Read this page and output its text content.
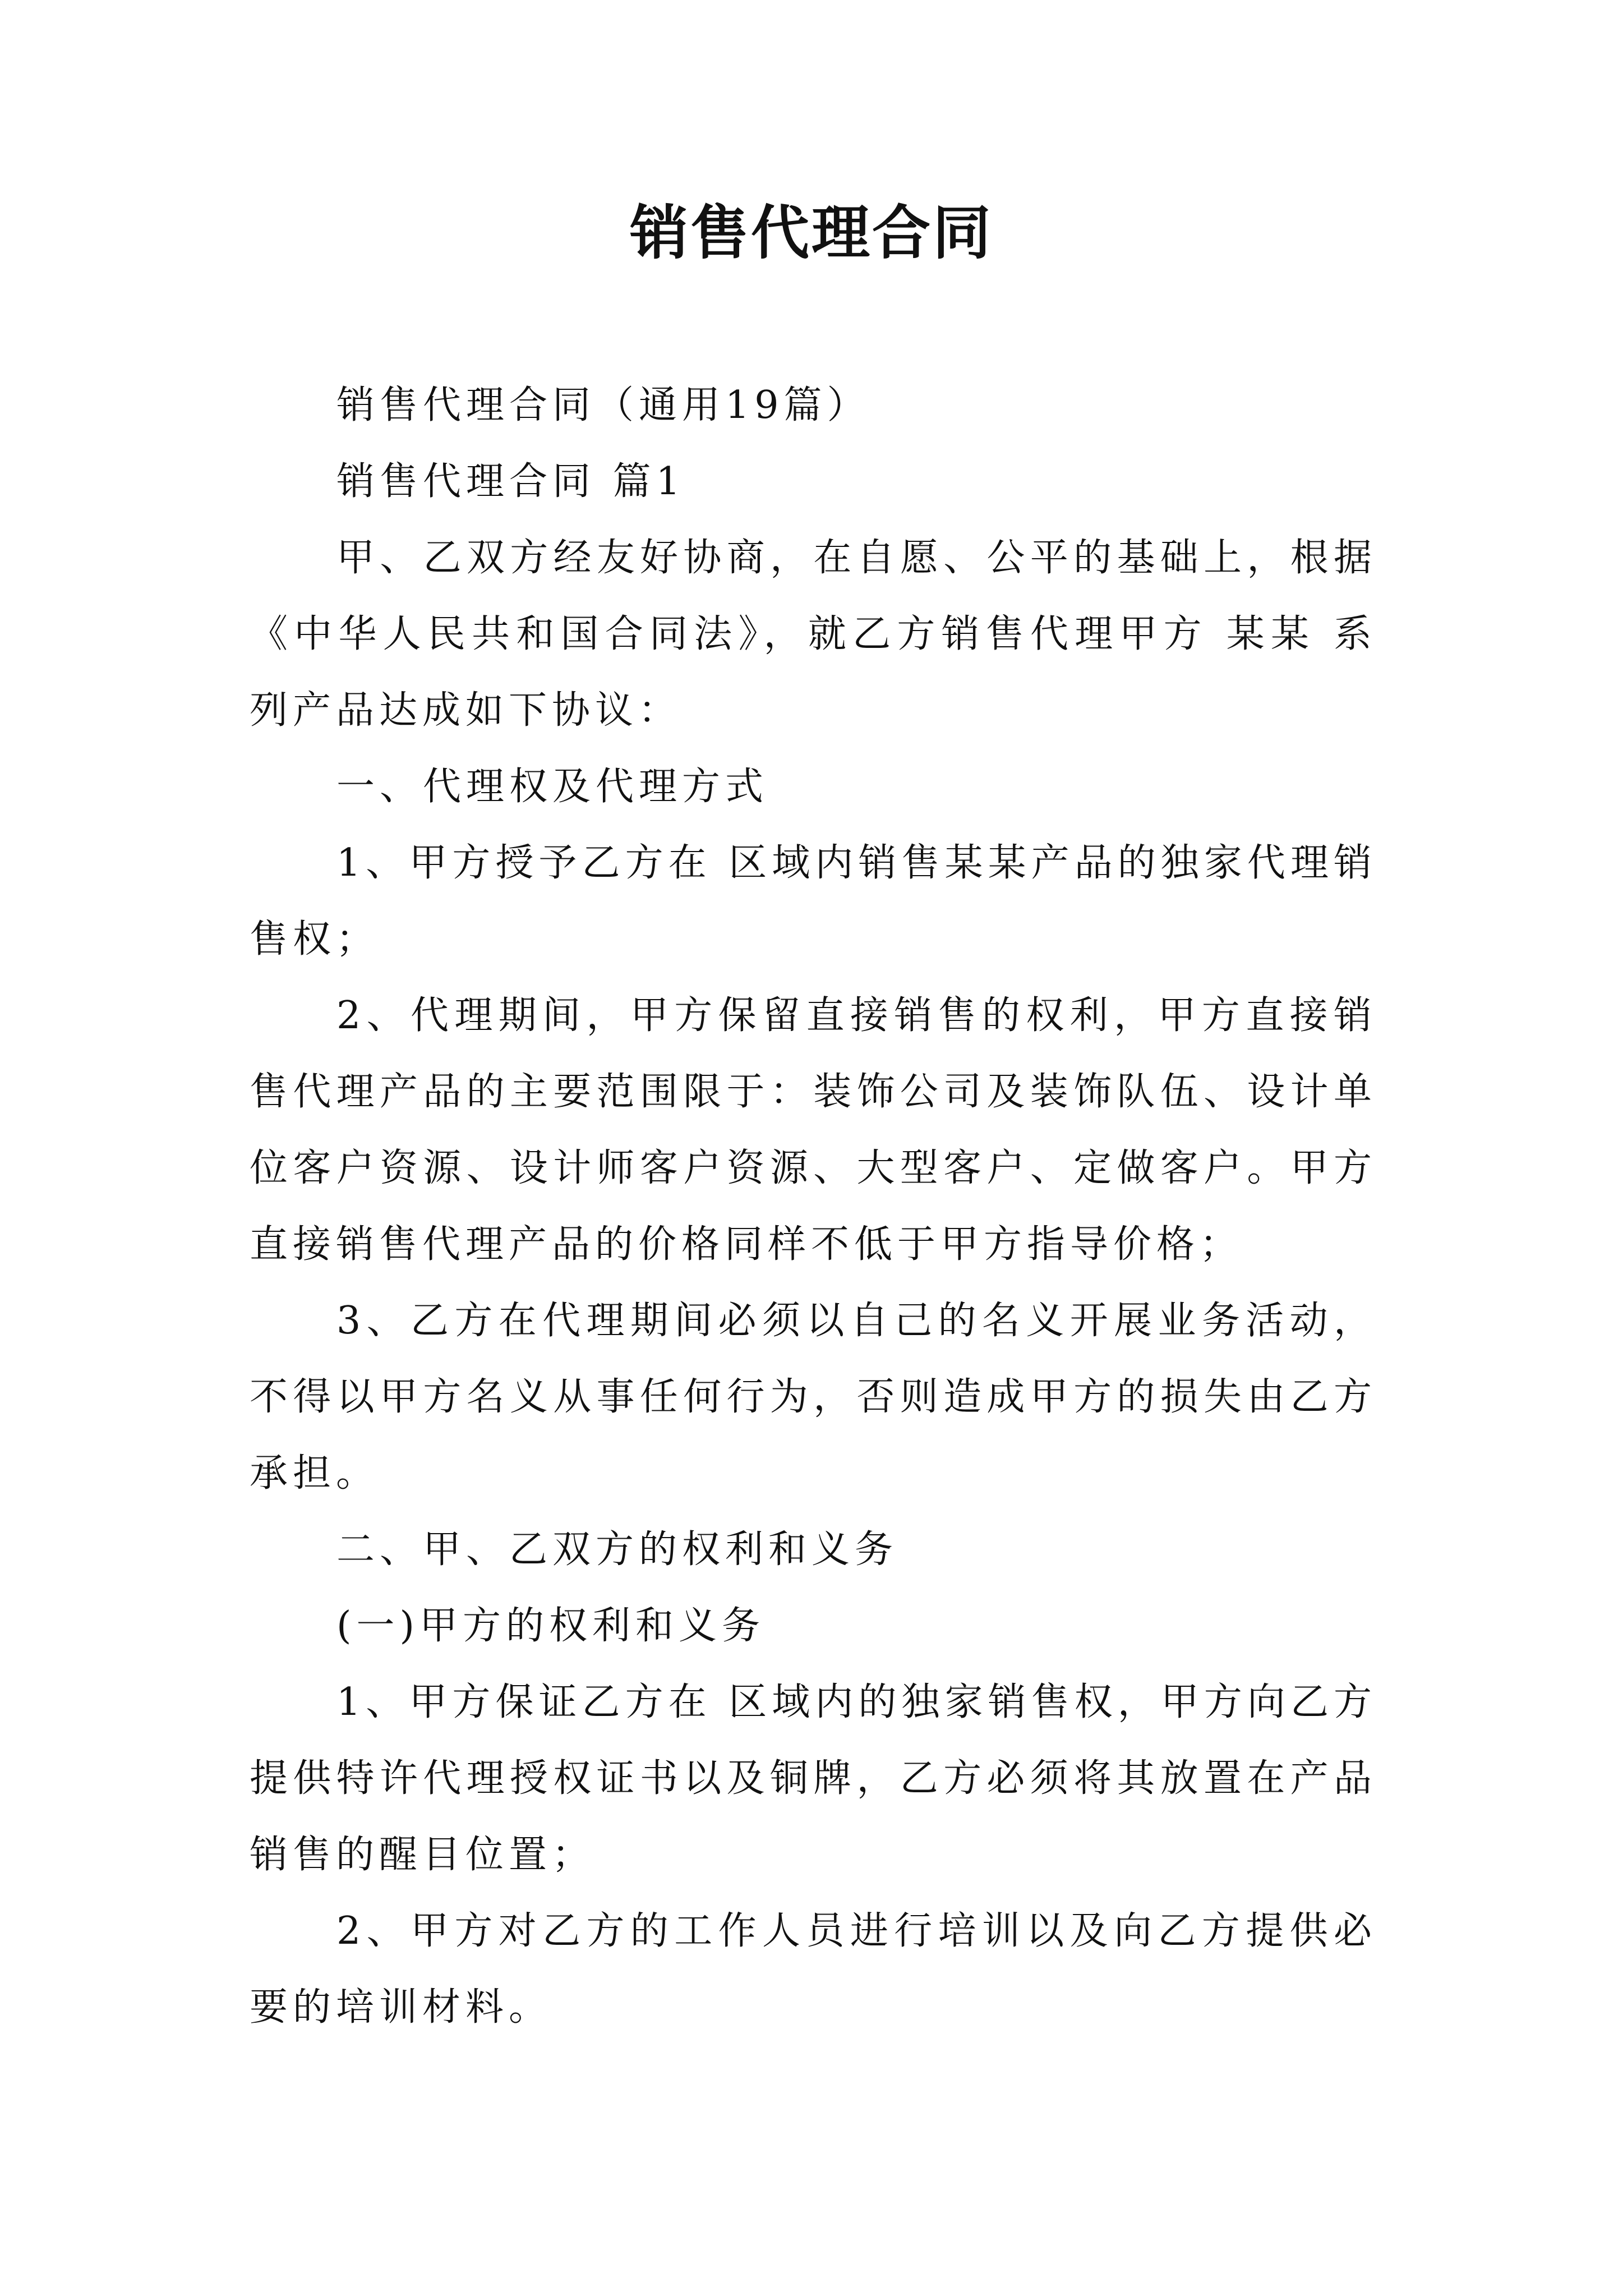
销售代理合同

销售代理合同（通用19篇）

销售代理合同 篇1

甲、乙双方经友好协商，在自愿、公平的基础上，根据《中华人民共和国合同法》，就乙方销售代理甲方 某某 系列产品达成如下协议：

一、代理权及代理方式

1、甲方授予乙方在 区域内销售某某产品的独家代理销售权；

2、代理期间，甲方保留直接销售的权利，甲方直接销售代理产品的主要范围限于：装饰公司及装饰队伍、设计单位客户资源、设计师客户资源、大型客户、定做客户。甲方直接销售代理产品的价格同样不低于甲方指导价格；

3、乙方在代理期间必须以自己的名义开展业务活动，不得以甲方名义从事任何行为，否则造成甲方的损失由乙方承担。

二、甲、乙双方的权利和义务

(一)甲方的权利和义务

1、甲方保证乙方在 区域内的独家销售权，甲方向乙方提供特许代理授权证书以及铜牌，乙方必须将其放置在产品销售的醒目位置；

2、甲方对乙方的工作人员进行培训以及向乙方提供必要的培训材料。
